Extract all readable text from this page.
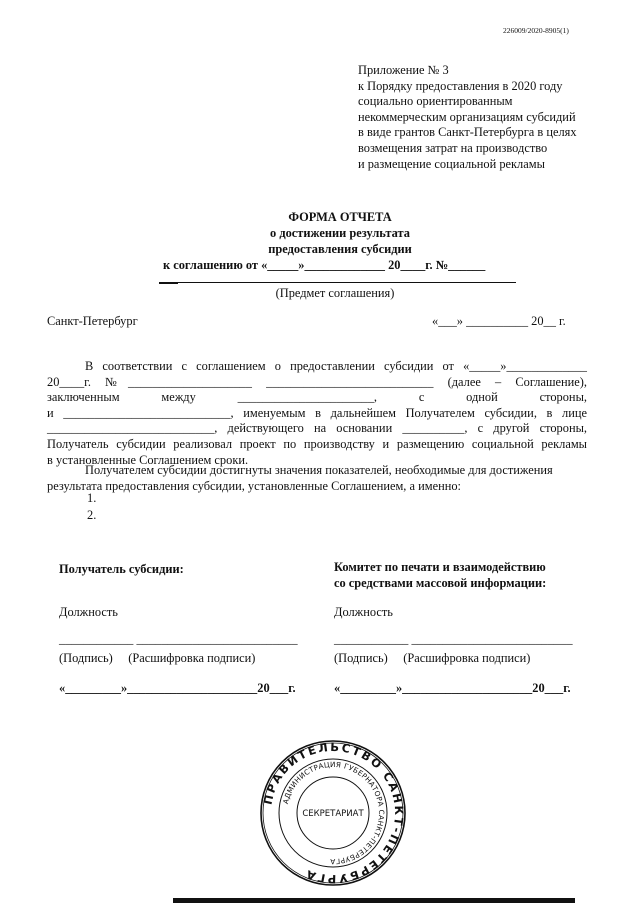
226009/2020-8905(1)
Приложение № 3
к Порядку предоставления в 2020 году
социально ориентированным
некоммерческим организациям субсидий
в виде грантов Санкт-Петербурга в целях
возмещения затрат на производство
и размещение социальной рекламы
ФОРМА ОТЧЕТА
о достижении результата
предоставления субсидии
к соглашению от «_____»_____________ 20____г. №______
(Предмет соглашения)
Санкт-Петербург	«___» __________ 20__ г.
В соответствии с соглашением о предоставлении субсидии от «_____»_____________
20____г. №____________________ ___________________________ (далее – Соглашение),
заключенным между ______________________, с одной стороны,
и ___________________________, именуемым в дальнейшем Получателем субсидии, в лице
___________________________, действующего на основании __________, с другой стороны,
Получатель субсидии реализовал проект по производству и размещению социальной рекламы
в установленные Соглашением сроки.
Получателем субсидии достигнуты значения показателей, необходимые для достижения
результата предоставления субсидии, установленные Соглашением, а именно:
1.
2.
Получатель субсидии:
Должность
____________ __________________________
(Подпись)     (Расшифровка подписи)
«_________»_____________________20___г.
Комитет по печати и взаимодействию
со средствами массовой информации:
Должность
____________ __________________________
(Подпись)     (Расшифровка подписи)
«_________»_____________________20___г.
ПРАВИТЕЛЬСТВО САНКТ-ПЕТЕРБУРГА
АДМИНИСТРАЦИЯ ГУБЕРНАТОРА САНКТ-ПЕТЕРБУРГА
СЕКРЕТАРИАТ
